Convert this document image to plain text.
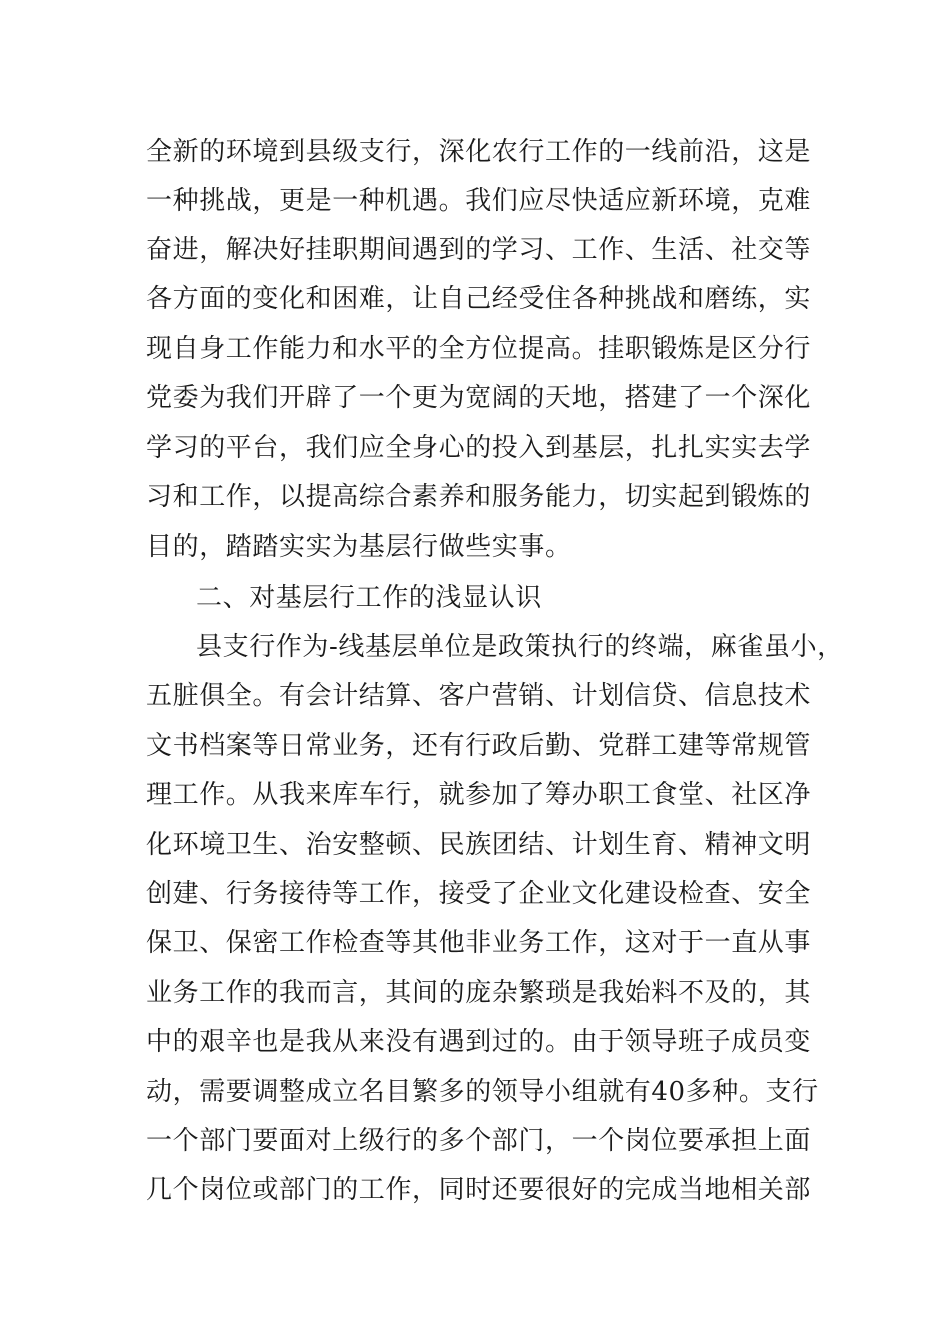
全新的环境到县级支行，深化农行工作的一线前沿，这是
一种挑战，更是一种机遇。我们应尽快适应新环境，克难
奋进，解决好挂职期间遇到的学习、工作、生活、社交等
各方面的变化和困难，让自己经受住各种挑战和磨练，实
现自身工作能力和水平的全方位提高。挂职锻炼是区分行
党委为我们开辟了一个更为宽阔的天地，搭建了一个深化
学习的平台，我们应全身心的投入到基层，扎扎实实去学
习和工作，以提高综合素养和服务能力，切实起到锻炼的
目的，踏踏实实为基层行做些实事。
二、对基层行工作的浅显认识
县支行作为-线基层单位是政策执行的终端，麻雀虽小，
五脏俱全。有会计结算、客户营销、计划信贷、信息技术
文书档案等日常业务，还有行政后勤、党群工建等常规管
理工作。从我来库车行，就参加了筹办职工食堂、社区净
化环境卫生、治安整顿、民族团结、计划生育、精神文明
创建、行务接待等工作，接受了企业文化建设检查、安全
保卫、保密工作检查等其他非业务工作，这对于一直从事
业务工作的我而言，其间的庞杂繁琐是我始料不及的，其
中的艰辛也是我从来没有遇到过的。由于领导班子成员变
动，需要调整成立名目繁多的领导小组就有40多种。支行
一个部门要面对上级行的多个部门，一个岗位要承担上面
几个岗位或部门的工作，同时还要很好的完成当地相关部
